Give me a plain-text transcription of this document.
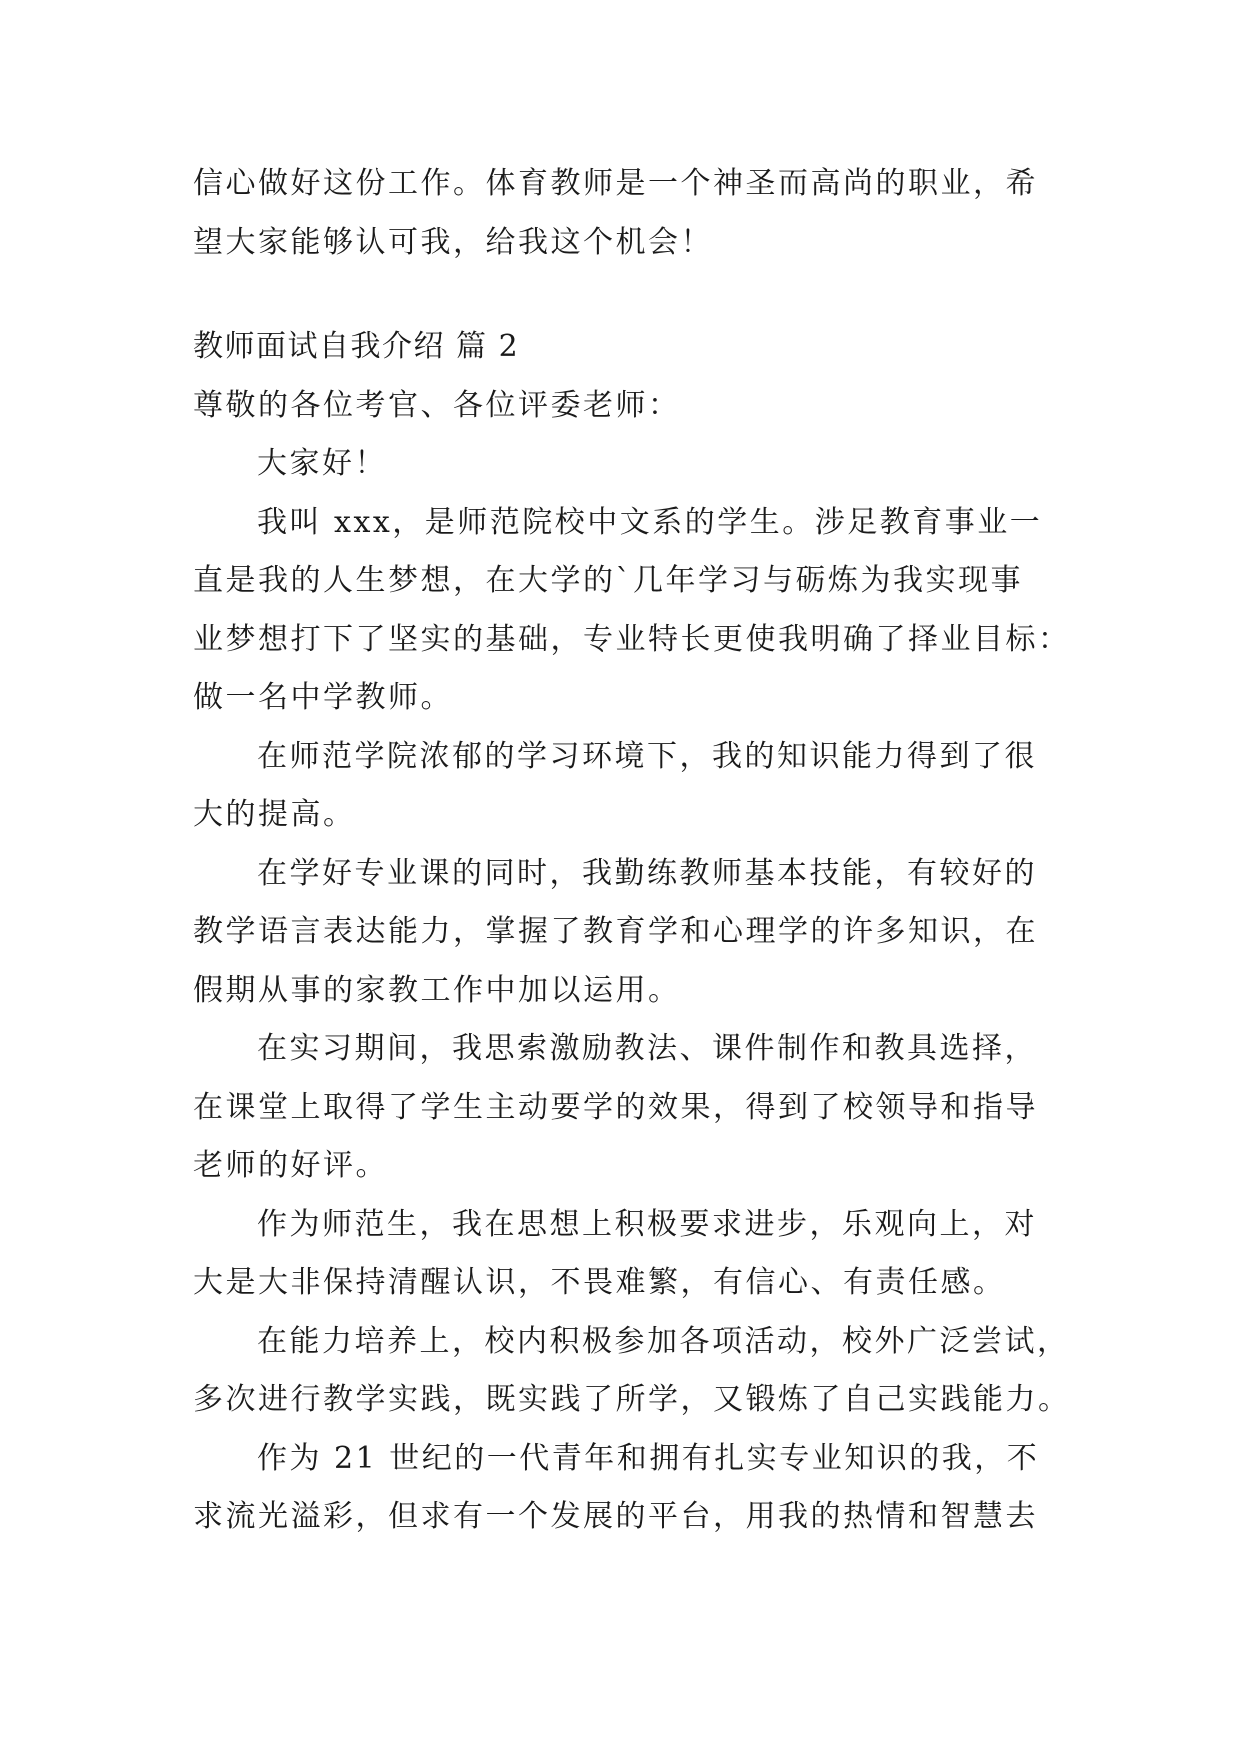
信心做好这份工作。体育教师是一个神圣而高尚的职业，希
望大家能够认可我，给我这个机会！
教师面试自我介绍 篇 2
尊敬的各位考官、各位评委老师：
大家好！
我叫 xxx，是师范院校中文系的学生。涉足教育事业一
直是我的人生梦想，在大学的`几年学习与砺炼为我实现事
业梦想打下了坚实的基础，专业特长更使我明确了择业目标：
做一名中学教师。
在师范学院浓郁的学习环境下，我的知识能力得到了很
大的提高。
在学好专业课的同时，我勤练教师基本技能，有较好的
教学语言表达能力，掌握了教育学和心理学的许多知识，在
假期从事的家教工作中加以运用。
在实习期间，我思索激励教法、课件制作和教具选择，
在课堂上取得了学生主动要学的效果，得到了校领导和指导
老师的好评。
作为师范生，我在思想上积极要求进步，乐观向上，对
大是大非保持清醒认识，不畏难繁，有信心、有责任感。
在能力培养上，校内积极参加各项活动，校外广泛尝试，
多次进行教学实践，既实践了所学，又锻炼了自己实践能力。
作为 21 世纪的一代青年和拥有扎实专业知识的我，不
求流光溢彩，但求有一个发展的平台，用我的热情和智慧去
